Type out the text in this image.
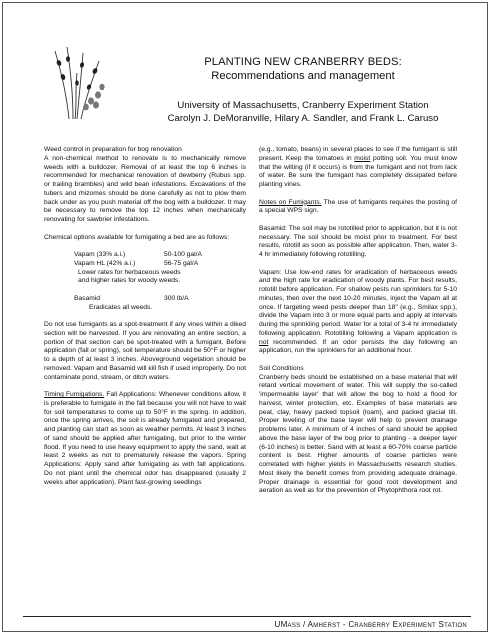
PLANTING NEW CRANBERRY BEDS:
Recommendations and management
University of Massachusetts, Cranberry Experiment Station
Carolyn J. DeMoranville, Hilary A. Sandler, and Frank L. Caruso
Weed control in preparation for bog renovation

A non-chemical method to renovate is to mechanically remove weeds with a bulldozer. Removal of at least the top 6 inches is recommended for mechanical renovation of dewberry (Rubus spp. or trailing brambles) and wild bean infestations. Excavations of the tubers and rhizomes should be done carefully as not to plow them back under as you push material off the bog with a bulldozer. It may be necessary to remove the top 12 inches when mechanically renovating for sawbrier infestations.

Chemical options available for fumigating a bed are as follows:

Vapam (33% a.i.)	50-100 gal/A
Vapam HL (42% a.i.)	56-75 gal/A
Lower rates for herbaceous weeds
and higher rates for woody weeds.
Basamid	300 lb/A
Eradicates all weeds.

Do not use fumigants as a spot-treatment if any vines within a diked section will be harvested. If you are renovating an entire section, a portion of that section can be spot-treated with a fumigant. Before application (fall or spring), soil temperature should be 50°F or higher to a depth of at least 3 inches. Aboveground vegetation should be removed. Vapam and Basamid will kill fish if used improperly. Do not contaminate pond, stream, or ditch waters.

Timing Fumigations. Fall Applications: Whenever conditions allow, it is preferable to fumigate in the fall because you will not have to wait for soil temperatures to come up to 50°F in the spring. In addition, once the spring arrives, the soil is already fumigated and prepared, and planting can start as soon as weather permits. At least 3 inches of sand should be applied after fumigating, but prior to the winter flood. If you need to use heavy equipment to apply the sand, wait at least 2 weeks as not to prematurely release the vapors. Spring Applications: Apply sand after fumigating as with fall applications. Do not plant until the chemical odor has disappeared (usually 2 weeks after application). Plant fast-growing seedlings

(e.g., tomato, beans) in several places to see if the fumigant is still present. Keep the tomatoes in moist potting soil. You must know that the wilting (if it occurs) is from the fumigant and not from lack of water. Be sure the fumigant has completely dissipated before planting vines.

Notes on Fumigants. The use of fumigants requires the posting of a special WPS sign.

Basamid: The soil may be rototilled prior to application, but it is not necessary. The soil should be moist prior to treatment. For best results, rototill as soon as possible after application. Then, water 3-4 hr immediately following rototilling.

Vapam: Use low-end rates for eradication of herbaceous weeds and the high rate for eradication of woody plants. For best results, rototill before application. For shallow pests run sprinklers for 5-10 minutes, then over the next 10-20 minutes, inject the Vapam all at once. If targeting weed pests deeper than 18" (e.g., Smilax spp.), divide the Vapam into 3 or more equal parts and apply at intervals during the sprinkling period. Water for a total of 3-4 hr immediately following application. Rototilling following a Vapam application is not recommended. If an odor persists the day following an application, run the sprinklers for an additional hour.

Soil Conditions

Cranberry beds should be established on a base material that will retard vertical movement of water. This will supply the so-called 'impermeable layer' that will allow the bog to hold a flood for harvest, winter protection, etc. Examples of base materials are peat, clay, heavy packed topsoil (loam), and packed glacial till. Proper leveling of the base layer will help to prevent drainage problems later. A minimum of 4 inches of sand should be applied above the base layer of the bog prior to planting - a deeper layer (6-10 inches) is better. Sand with at least a 60-70% coarse particle content is best. Higher amounts of coarse particles were correlated with higher yields in Massachusetts research studies. Most likely the benefit comes from providing adequate drainage. Proper drainage is essential for good root development and aeration as well as for the prevention of Phytophthora root rot.

UMass / Amherst - Cranberry Experiment Station
